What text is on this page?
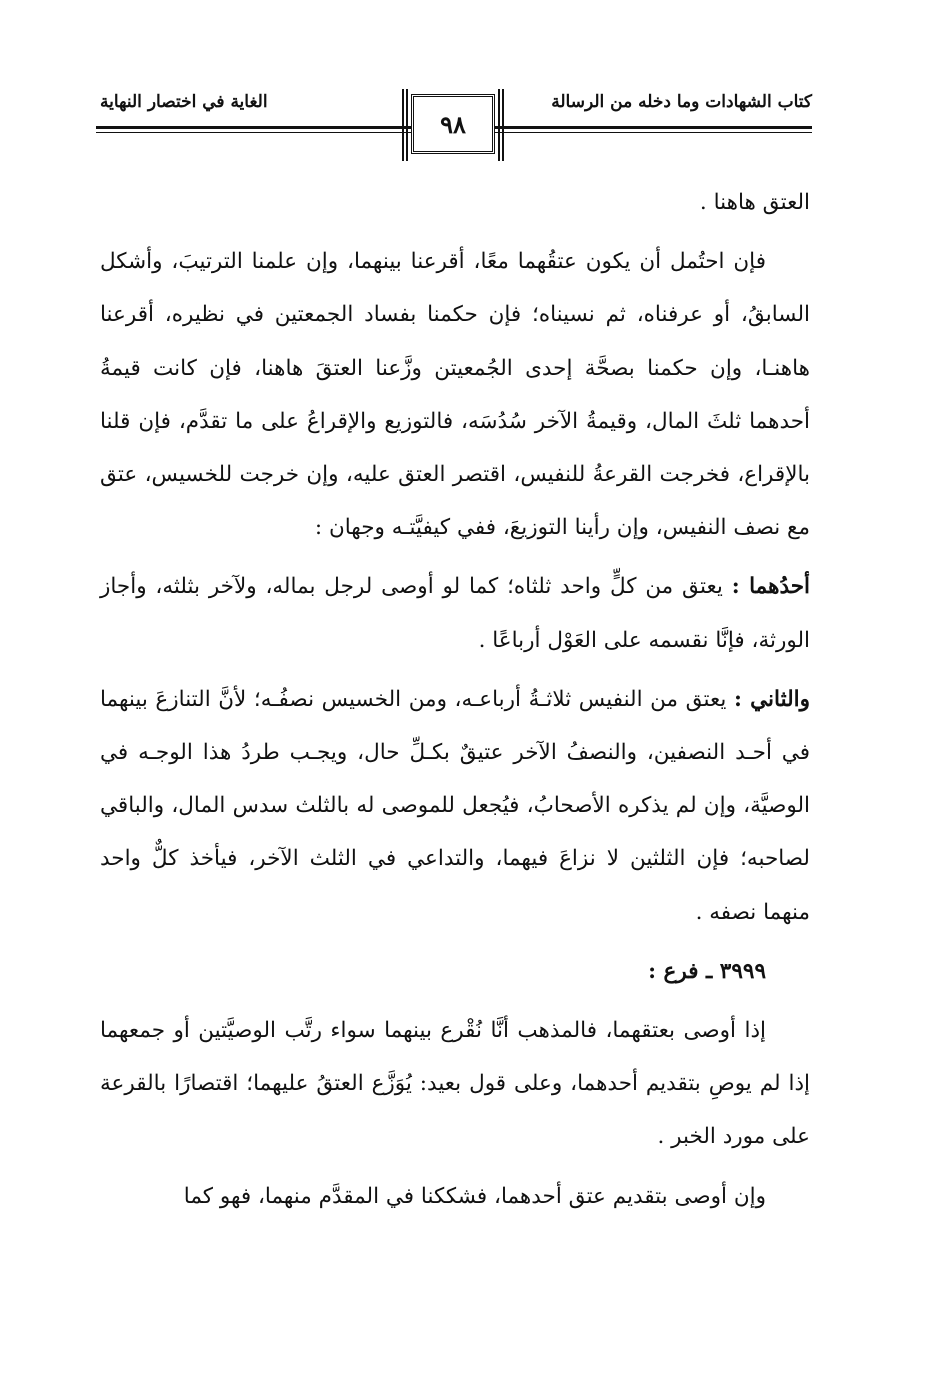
كتاب الشهادات وما دخله من الرسالة
الغاية في اختصار النهاية
٩٨

العتق هاهنا .

فإن احتُمل أن يكون عتقُهما معًا، أقرعنا بينهما، وإن علمنا الترتيبَ، وأشكل السابقُ، أو عرفناه، ثم نسيناه؛ فإن حكمنا بفساد الجمعتين في نظيره، أقرعنا هاهنـا، وإن حكمنا بصحَّة إحدى الجُمعيتن وزَّعنا العتقَ هاهنا، فإن كانت قيمةُ أحدهما ثلثَ المال، وقيمةُ الآخر سُدُسَه، فالتوزيع والإقراعُ على ما تقدَّم، فإن قلنا بالإقراع، فخرجت القرعةُ للنفيس، اقتصر العتق عليه، وإن خرجت للخسيس، عتق مع نصف النفيس، وإن رأينا التوزيعَ، ففي كيفيَّتـه وجهان :

أحدُهما : يعتق من كلٍّ واحد ثلثاه؛ كما لو أوصى لرجل بماله، ولآخر بثلثه، وأجاز الورثة، فإنَّا نقسمه على العَوْل أرباعًا .

والثاني : يعتق من النفيس ثلاثـةُ أرباعـه، ومن الخسيس نصفُـه؛ لأنَّ التنازعَ بينهما في أحـد النصفين، والنصفُ الآخر عتيقٌ بكـلِّ حال، ويجـب طردُ هذا الوجـه في الوصيَّة، وإن لم يذكره الأصحابُ، فيُجعل للموصى له بالثلث سدس المال، والباقي لصاحبه؛ فإن الثلثين لا نزاعَ فيهما، والتداعي في الثلث الآخر، فيأخذ كلٌّ واحد منهما نصفه .

٣٩٩٩ ـ فرع :

إذا أوصى بعتقهما، فالمذهب أنَّا نُقْرع بينهما سواء رتَّب الوصيَّتين أو جمعهما إذا لم يوصِ بتقديم أحدهما، وعلى قول بعيد: يُوَزَّع العتقُ عليهما؛ اقتصارًا بالقرعة على مورد الخبر .

وإن أوصى بتقديم عتق أحدهما، فشككنا في المقدَّم منهما، فهو كما
